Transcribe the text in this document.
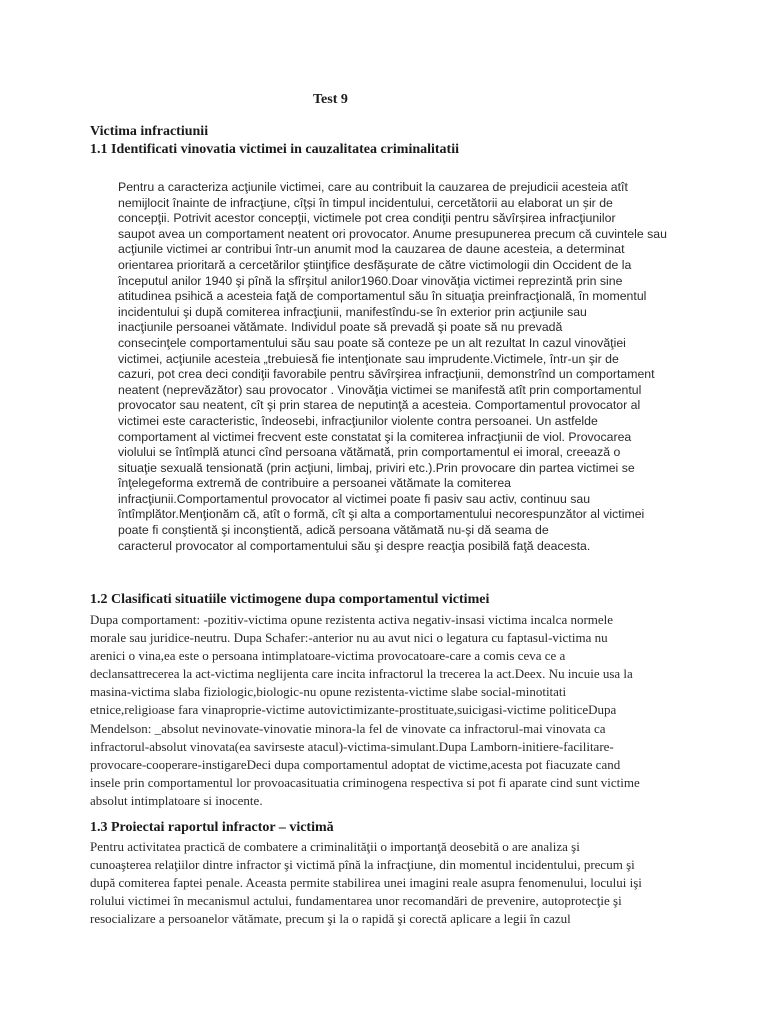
Test 9
Victima infractiunii
1.1 Identificati vinovatia victimei in cauzalitatea criminalitatii
Pentru a caracteriza acţiunile victimei, care au contribuit la cauzarea de prejudicii acesteia atît
nemijlocit înainte de infracţiune, cîţși în timpul incidentului, cercetătorii au elaborat un șir de
concepţii. Potrivit acestor concepţii, victimele pot crea condiţii pentru săvîrșirea infracţiunilor
saupot avea un comportament neatent ori provocator. Anume presupunerea precum că cuvintele sau
acţiunile victimei ar contribui într-un anumit mod la cauzarea de daune acesteia, a determinat
orientarea prioritară a cercetărilor ştiinţifice desfășurate de către victimologii din Occident de la
începutul anilor 1940 şi pînă la sfîrşitul anilor1960.Doar vinovăţia victimei reprezintă prin sine
atitudinea psihică a acesteia faţă de comportamentul său în situaţia preinfracţională, în momentul
incidentului şi după comiterea infracţiunii, manifestîndu-se în exterior prin acţiunile sau
inacţiunile persoanei vătămate. Individul poate să prevadă şi poate să nu prevadă
consecinţele comportamentului său sau poate să conteze pe un alt rezultat In cazul vinovăţiei
victimei, acţiunile acesteia „trebuiesă fie intenţionate sau imprudente.Victimele, într-un şir de
cazuri, pot crea deci condiţii favorabile pentru săvîrşirea infracţiunii, demonstrînd un comportament
neatent (neprevăzător) sau provocator . Vinovăţia victimei se manifestă atît prin comportamentul
provocator sau neatent, cît şi prin starea de neputinţă a acesteia. Comportamentul provocator al
victimei este caracteristic, îndeosebi, infracţiunilor violente contra persoanei. Un astfelde
comportament al victimei frecvent este constatat şi la comiterea infracţiunii de viol. Provocarea
violului se întîmplă atunci cînd persoana vătămată, prin comportamentul ei imoral, creează o
situaţie sexuală tensionată (prin acţiuni, limbaj, priviri etc.).Prin provocare din partea victimei se
înţelegeforma extremă de contribuire a persoanei vătămate la comiterea
infracţiunii.Comportamentul provocator al victimei poate fi pasiv sau activ, continuu sau
întîmplător.Menţionăm că, atît o formă, cît şi alta a comportamentului necorespunzător al victimei
poate fi conştientă şi inconştientă, adică persoana vătămată nu-şi dă seama de
caracterul provocator al comportamentului său şi despre reacţia posibilă faţă deacesta.
1.2 Clasificati situatiile victimogene dupa comportamentul victimei
Dupa comportament: -pozitiv-victima opune rezistenta activa negativ-insasi victima incalca normele
morale sau juridice-neutru. Dupa Schafer:-anterior nu au avut nici o legatura cu faptasul-victima nu
arenici o vina,ea este o persoana intimplatoare-victima provocatoare-care a comis ceva ce a
declansattrecerea la act-victima neglijenta care incita infractorul la trecerea la act.Deex. Nu incuie usa la
masina-victima slaba fiziologic,biologic-nu opune rezistenta-victime slabe social-minotitati
etnice,religioase fara vinaproprie-victime autovictimizante-prostituate,suicigasi-victime politiceDupa
Mendelson: _absolut nevinovate-vinovatie minora-la fel de vinovate ca infractorul-mai vinovata ca
infractorul-absolut vinovata(ea savirseste atacul)-victima-simulant.Dupa Lamborn-initiere-facilitare-
provocare-cooperare-instigareDeci dupa comportamentul adoptat de victime,acesta pot fiacuzate cand
insele prin comportamentul lor provoacasituatia criminogena respectiva si pot fi aparate cind sunt victime
absolut intimplatoare si inocente.
1.3 Proiectai raportul infractor – victimă
Pentru activitatea practică de combatere a criminalităţii o importanţă deosebită o are analiza şi
cunoaşterea relaţiilor dintre infractor şi victimă pînă la infracţiune, din momentul incidentului, precum şi
după comiterea faptei penale. Aceasta permite stabilirea unei imagini reale asupra fenomenului, locului işi
rolului victimei în mecanismul actului, fundamentarea unor recomandări de prevenire, autoprotecţie şi
resocializare a persoanelor vătămate, precum şi la o rapidă şi corectă aplicare a legii în cazul
